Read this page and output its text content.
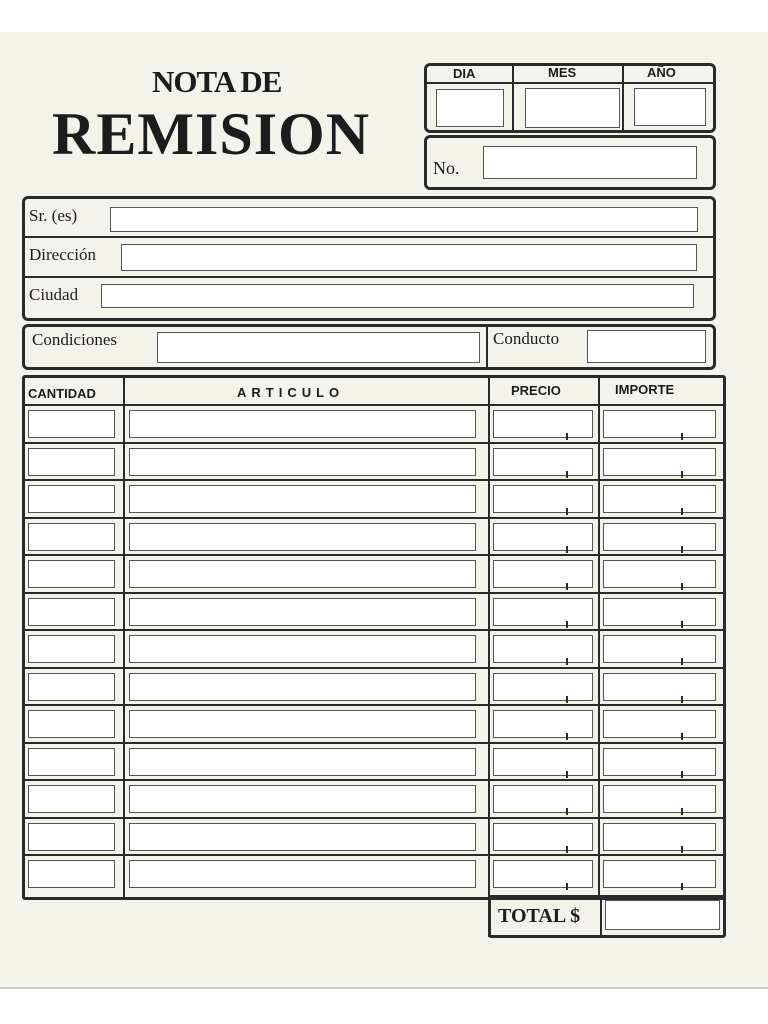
NOTA DE
REMISION
DIA	MES	AÑO
No.
Sr. (es)
Dirección
Ciudad
Condiciones	Conducto
CANTIDAD	ARTICULO	PRECIO	IMPORTE
TOTAL $
